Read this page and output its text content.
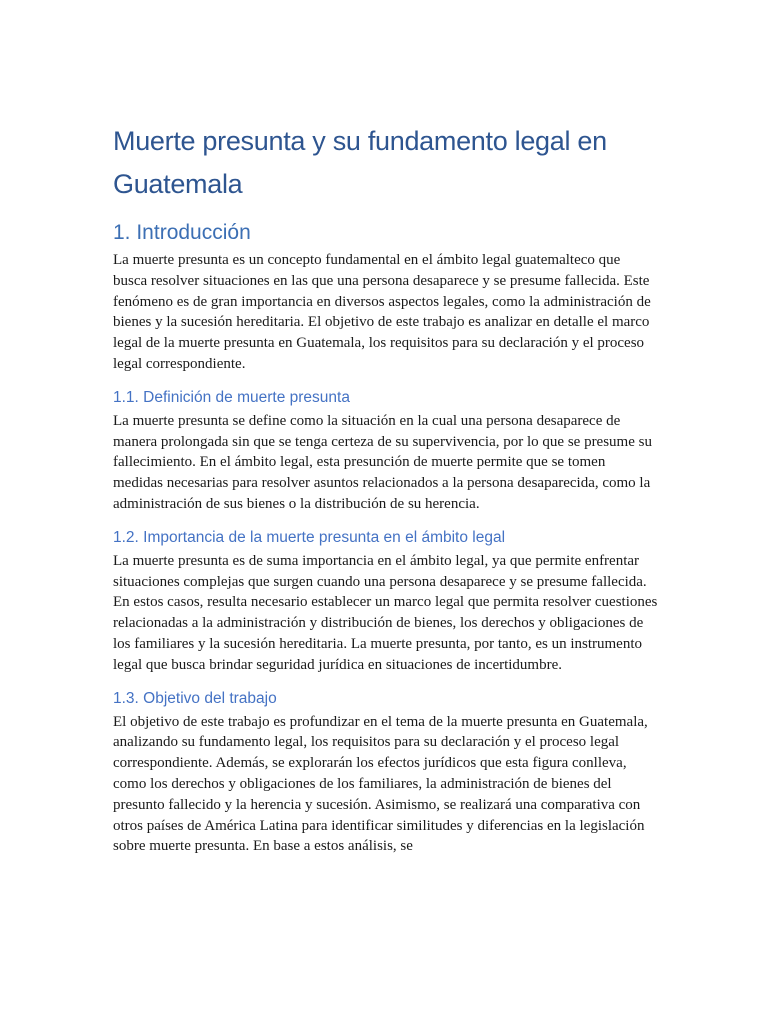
Muerte presunta y su fundamento legal en Guatemala
1. Introducción

La muerte presunta es un concepto fundamental en el ámbito legal guatemalteco que busca resolver situaciones en las que una persona desaparece y se presume fallecida. Este fenómeno es de gran importancia en diversos aspectos legales, como la administración de bienes y la sucesión hereditaria. El objetivo de este trabajo es analizar en detalle el marco legal de la muerte presunta en Guatemala, los requisitos para su declaración y el proceso legal correspondiente.

1.1. Definición de muerte presunta

La muerte presunta se define como la situación en la cual una persona desaparece de manera prolongada sin que se tenga certeza de su supervivencia, por lo que se presume su fallecimiento. En el ámbito legal, esta presunción de muerte permite que se tomen medidas necesarias para resolver asuntos relacionados a la persona desaparecida, como la administración de sus bienes o la distribución de su herencia.

1.2. Importancia de la muerte presunta en el ámbito legal

La muerte presunta es de suma importancia en el ámbito legal, ya que permite enfrentar situaciones complejas que surgen cuando una persona desaparece y se presume fallecida. En estos casos, resulta necesario establecer un marco legal que permita resolver cuestiones relacionadas a la administración y distribución de bienes, los derechos y obligaciones de los familiares y la sucesión hereditaria. La muerte presunta, por tanto, es un instrumento legal que busca brindar seguridad jurídica en situaciones de incertidumbre.

1.3. Objetivo del trabajo

El objetivo de este trabajo es profundizar en el tema de la muerte presunta en Guatemala, analizando su fundamento legal, los requisitos para su declaración y el proceso legal correspondiente. Además, se explorarán los efectos jurídicos que esta figura conlleva, como los derechos y obligaciones de los familiares, la administración de bienes del presunto fallecido y la herencia y sucesión. Asimismo, se realizará una comparativa con otros países de América Latina para identificar similitudes y diferencias en la legislación sobre muerte presunta. En base a estos análisis, se
